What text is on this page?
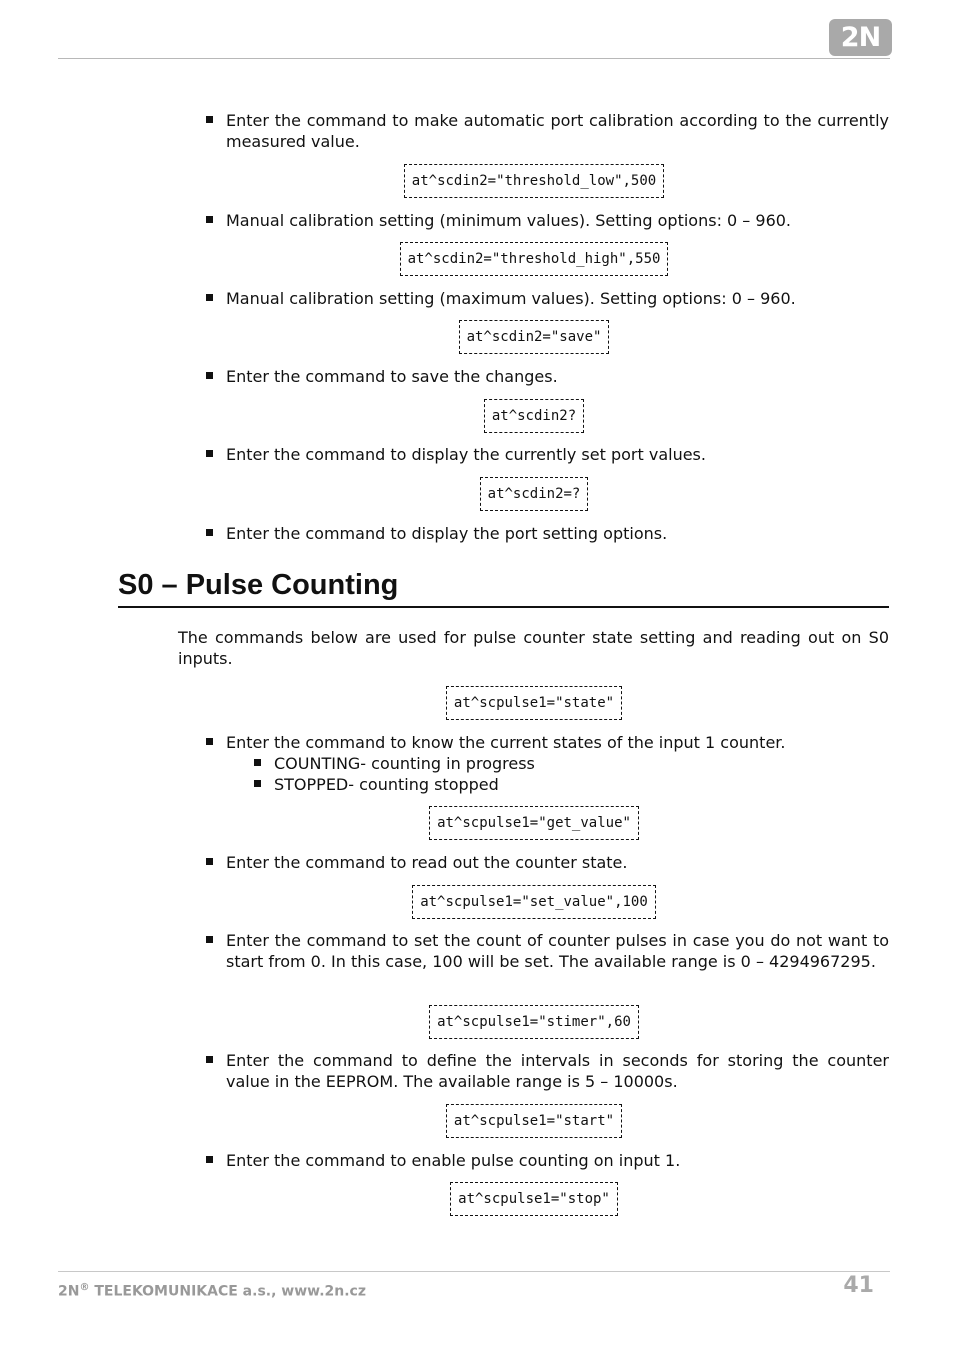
2N
Enter the command to make automatic port calibration according to the currently measured value.
at^scdin2="threshold_low",500
Manual calibration setting (minimum values). Setting options: 0 – 960.
at^scdin2="threshold_high",550
Manual calibration setting (maximum values). Setting options: 0 – 960.
at^scdin2="save"
Enter the command to save the changes.
at^scdin2?
Enter the command to display the currently set port values.
at^scdin2=?
Enter the command to display the port setting options.
S0 – Pulse Counting
The commands below are used for pulse counter state setting and reading out on S0 inputs.
at^scpulse1="state"
Enter the command to know the current states of the input 1 counter.
COUNTING- counting in progress
STOPPED- counting stopped
at^scpulse1="get_value"
Enter the command to read out the counter state.
at^scpulse1="set_value",100
Enter the command to set the count of counter pulses in case you do not want to start from 0. In this case, 100 will be set. The available range is 0 – 4294967295.
at^scpulse1="stimer",60
Enter the command to define the intervals in seconds for storing the counter value in the EEPROM. The available range is 5 – 10000s.
at^scpulse1="start"
Enter the command to enable pulse counting on input 1.
at^scpulse1="stop"
2N® TELEKOMUNIKACE a.s., www.2n.cz	41
